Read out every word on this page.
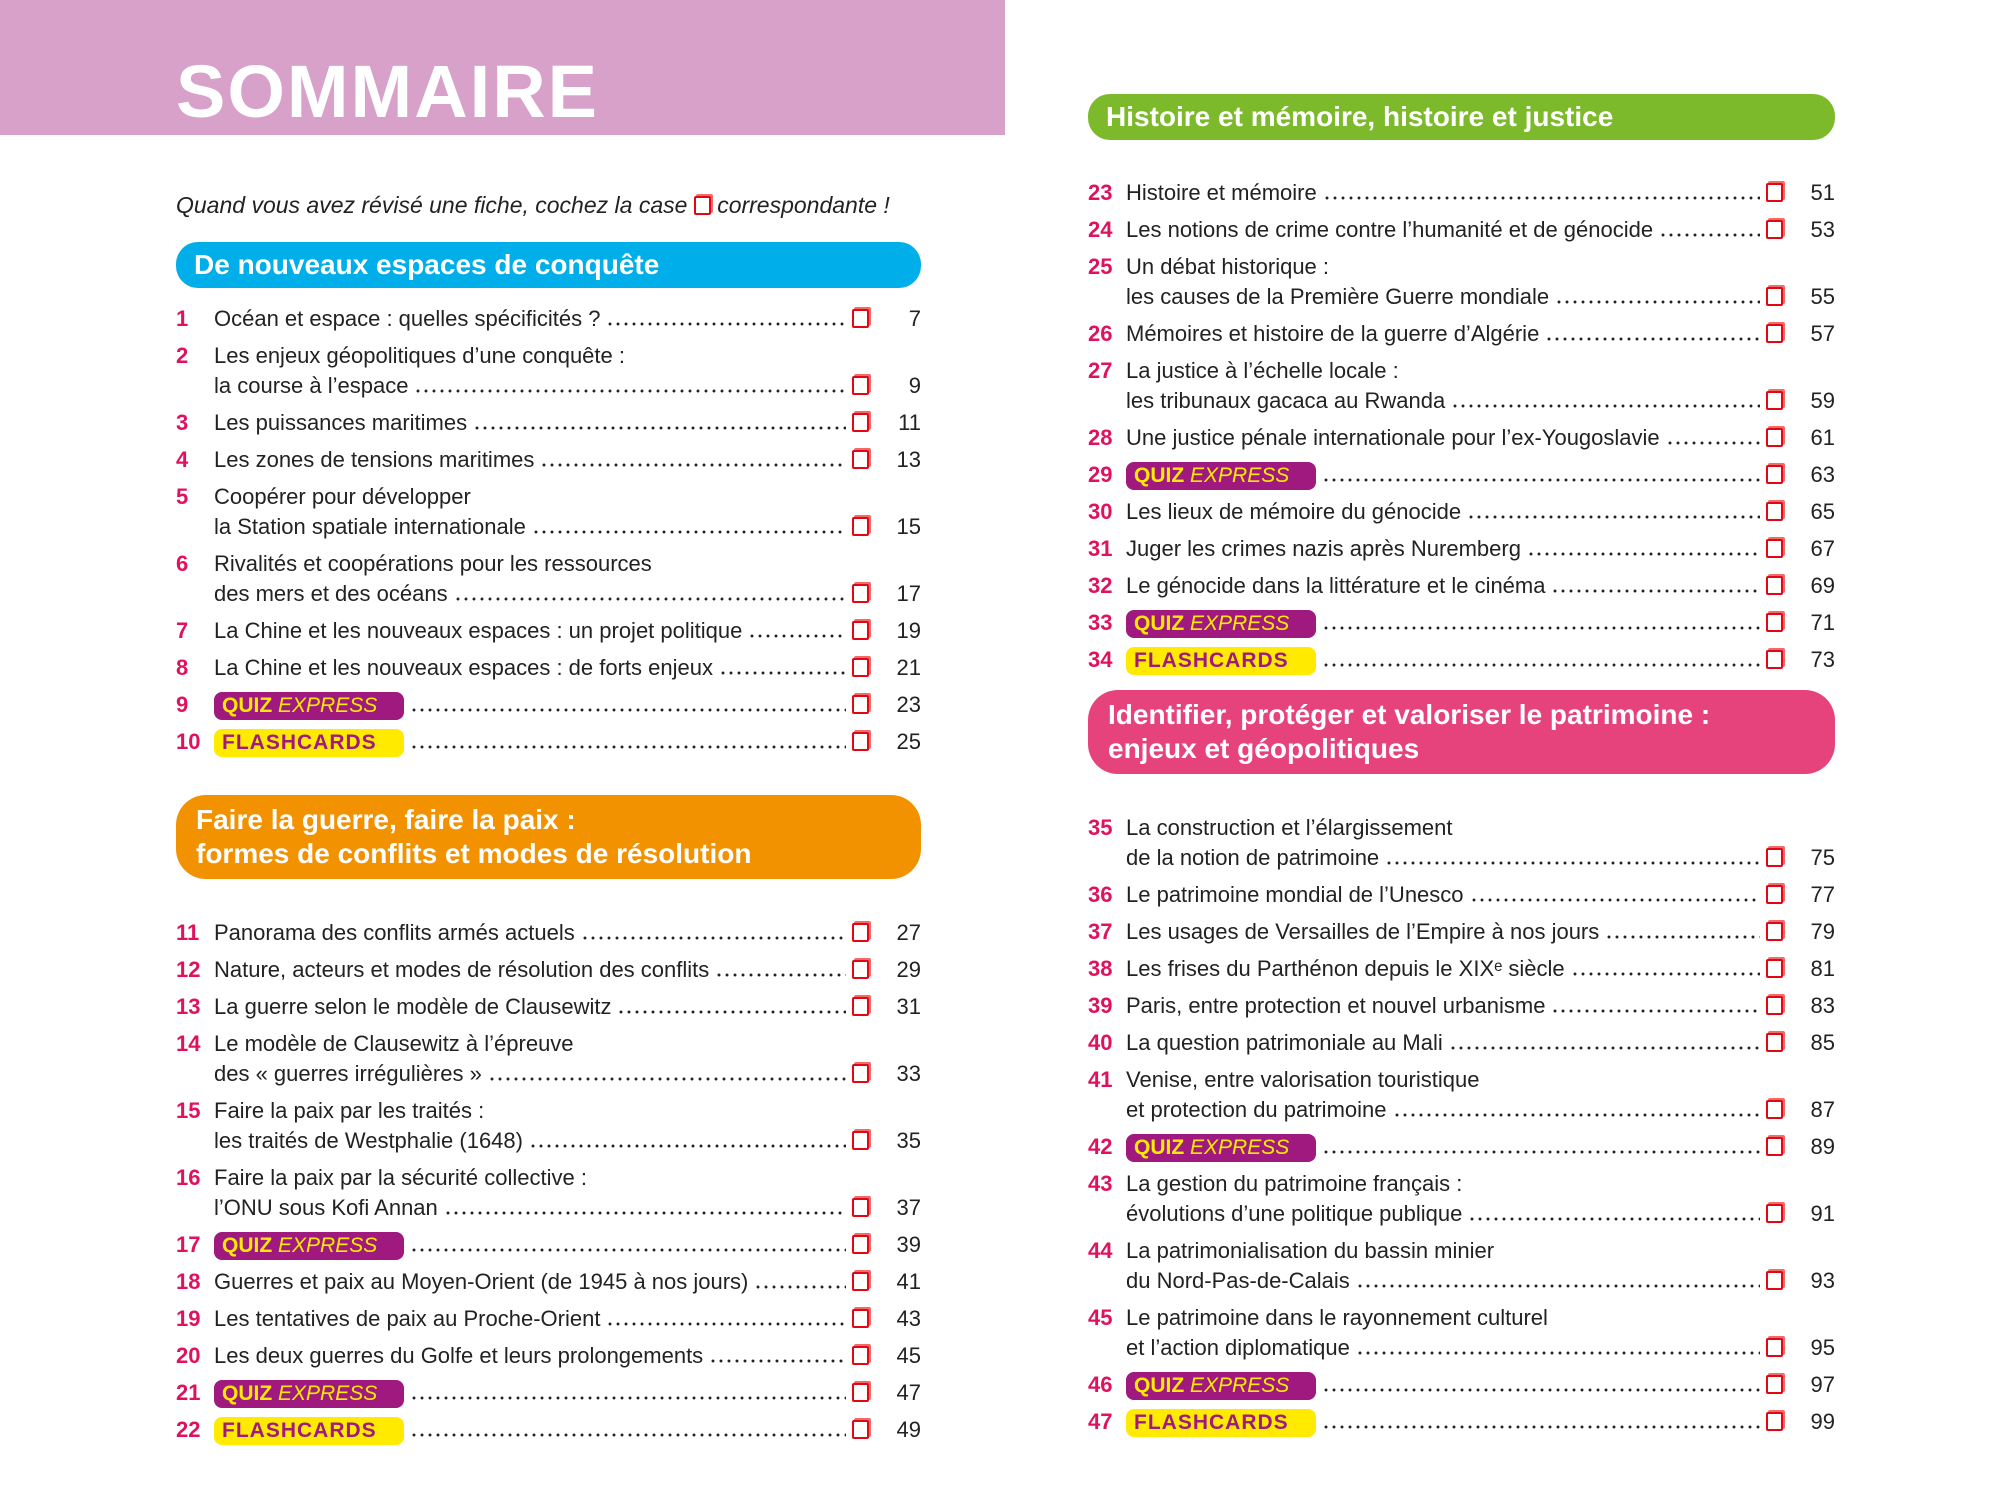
SOMMAIRE
Quand vous avez révisé une fiche, cochez la case correspondante !
De nouveaux espaces de conquête
1	Océan et espace : quelles spécificités ?	7
2	Les enjeux géopolitiques d’une conquête :
la course à l’espace	9
3	Les puissances maritimes	11
4	Les zones de tensions maritimes	13
5	Coopérer pour développer
la Station spatiale internationale	15
6	Rivalités et coopérations pour les ressources
des mers et des océans	17
7	La Chine et les nouveaux espaces : un projet politique	19
8	La Chine et les nouveaux espaces : de forts enjeux	21
9	QUIZ EXPRESS	23
10	FLASHCARDS	25
Faire la guerre, faire la paix :
formes de conflits et modes de résolution
11 Panorama des conflits armés actuels	27
12 Nature, acteurs et modes de résolution des conflits	29
13 La guerre selon le modèle de Clausewitz	31
14 Le modèle de Clausewitz à l’épreuve
des « guerres irrégulières »	33
15 Faire la paix par les traités :
les traités de Westphalie (1648)	35
16 Faire la paix par la sécurité collective :
l’ONU sous Kofi Annan	37
17	QUIZ EXPRESS	39
18 Guerres et paix au Moyen-Orient (de 1945 à nos jours)	41
19 Les tentatives de paix au Proche-Orient	43
20 Les deux guerres du Golfe et leurs prolongements	45
21	QUIZ EXPRESS	47
22	FLASHCARDS	49
Histoire et mémoire, histoire et justice
23 Histoire et mémoire	51
24 Les notions de crime contre l’humanité et de génocide	53
25 Un débat historique :
les causes de la Première Guerre mondiale	55
26 Mémoires et histoire de la guerre d’Algérie	57
27 La justice à l’échelle locale :
les tribunaux gacaca au Rwanda	59
28 Une justice pénale internationale pour l’ex-Yougoslavie	61
29	QUIZ EXPRESS	63
30 Les lieux de mémoire du génocide	65
31 Juger les crimes nazis après Nuremberg	67
32 Le génocide dans la littérature et le cinéma	69
33	QUIZ EXPRESS	71
34	FLASHCARDS	73
Identifier, protéger et valoriser le patrimoine :
enjeux et géopolitiques
35 La construction et l’élargissement
de la notion de patrimoine	75
36 Le patrimoine mondial de l’Unesco	77
37 Les usages de Versailles de l’Empire à nos jours	79
38 Les frises du Parthénon depuis le XIXᵉ siècle	81
39 Paris, entre protection et nouvel urbanisme	83
40 La question patrimoniale au Mali	85
41 Venise, entre valorisation touristique
et protection du patrimoine	87
42	QUIZ EXPRESS	89
43 La gestion du patrimoine français :
évolutions d’une politique publique	91
44 La patrimonialisation du bassin minier
du Nord-Pas-de-Calais	93
45 Le patrimoine dans le rayonnement culturel
et l’action diplomatique	95
46	QUIZ EXPRESS	97
47	FLASHCARDS	99
